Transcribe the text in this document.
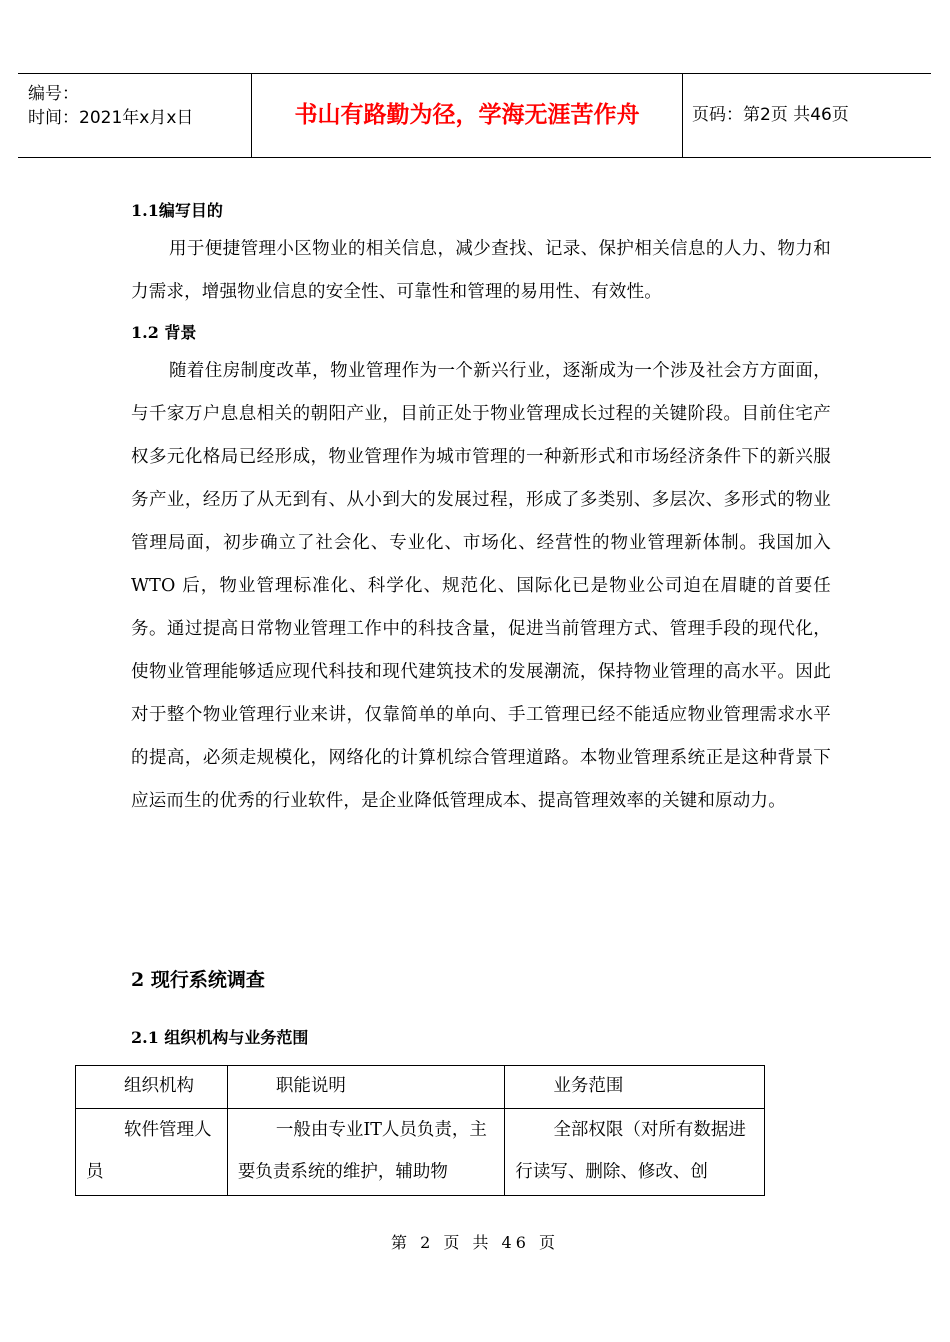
编号：
时间：2021年x月x日	书山有路勤为径，学海无涯苦作舟	页码：第2页 共46页
1.1编写目的

用于便捷管理小区物业的相关信息，减少查找、记录、保护相关信息的人力、物力和力需求，增强物业信息的安全性、可靠性和管理的易用性、有效性。

1.2 背景

随着住房制度改革，物业管理作为一个新兴行业，逐渐成为一个涉及社会方方面面，与千家万户息息相关的朝阳产业，目前正处于物业管理成长过程的关键阶段。目前住宅产权多元化格局已经形成，物业管理作为城市管理的一种新形式和市场经济条件下的新兴服务产业，经历了从无到有、从小到大的发展过程，形成了多类别、多层次、多形式的物业管理局面，初步确立了社会化、专业化、市场化、经营性的物业管理新体制。我国加入WTO 后，物业管理标准化、科学化、规范化、国际化已是物业公司迫在眉睫的首要任务。通过提高日常物业管理工作中的科技含量，促进当前管理方式、管理手段的现代化，使物业管理能够适应现代科技和现代建筑技术的发展潮流，保持物业管理的高水平。因此对于整个物业管理行业来讲，仅靠简单的单向、手工管理已经不能适应物业管理需求水平的提高，必须走规模化，网络化的计算机综合管理道路。本物业管理系统正是这种背景下应运而生的优秀的行业软件，是企业降低管理成本、提高管理效率的关键和原动力。

2 现行系统调查
2.1 组织机构与业务范围
组织机构	职能说明	业务范围
软件管理人员	一般由专业IT人员负责，主要负责系统的维护，辅助物	全部权限（对所有数据进行读写、删除、修改、创
第 2 页 共 46 页
